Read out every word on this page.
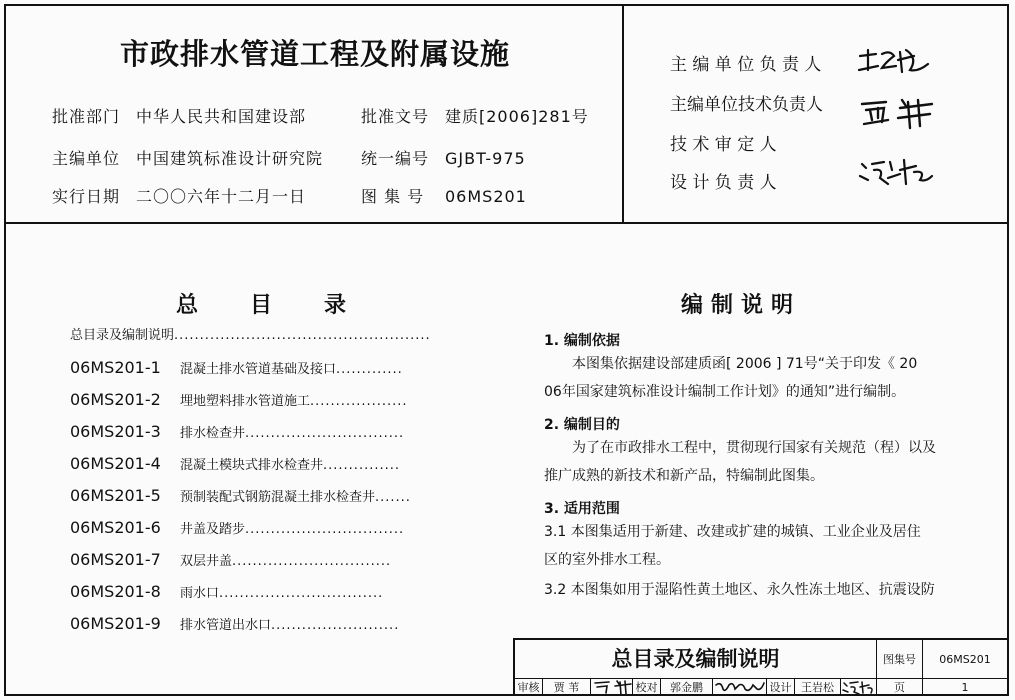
市政排水管道工程及附属设施
批准部门 中华人民共和国建设部	批准文号 建质[2006]281号
主编单位 中国建筑标准设计研究院 统一编号 GJBT-975
实行日期 二〇〇六年十二月一日	图 集 号 06MS201
主 编 单 位 负 责 人
主编单位技术负责人
技 术 审 定 人
设 计 负 责 人
总 目 录
总目录及编制说明 ..................................................
06MS201-1	混凝土排水管道基础及接口 .............
06MS201-2	埋地塑料排水管道施工 ...................
06MS201-3	排水检查井 ...............................
06MS201-4	混凝土模块式排水检查井 ...............
06MS201-5	预制装配式钢筋混凝土排水检查井 .......
06MS201-6	井盖及踏步 ...............................
06MS201-7	双层井盖 ...............................
06MS201-8	雨水口 ................................
06MS201-9	排水管道出水口 .........................
编制说明
1. 编制依据
　　本图集依据建设部建质函[ 2006 ] 71号“关于印发《 20
06年国家建筑标准设计编制工作计划》的通知”进行编制。
2. 编制目的
　　为了在市政排水工程中，贯彻现行国家有关规范（程）以及
推广成熟的新技术和新产品，特编制此图集。
3. 适用范围
3.1 本图集适用于新建、改建或扩建的城镇、工业企业及居住
区的室外排水工程。
3.2 本图集如用于湿陷性黄土地区、永久性冻土地区、抗震设防
总目录及编制说明	图集号	06MS201
审核	贾 苇	校对	郭金鹏	设计 王岩松	页	1
